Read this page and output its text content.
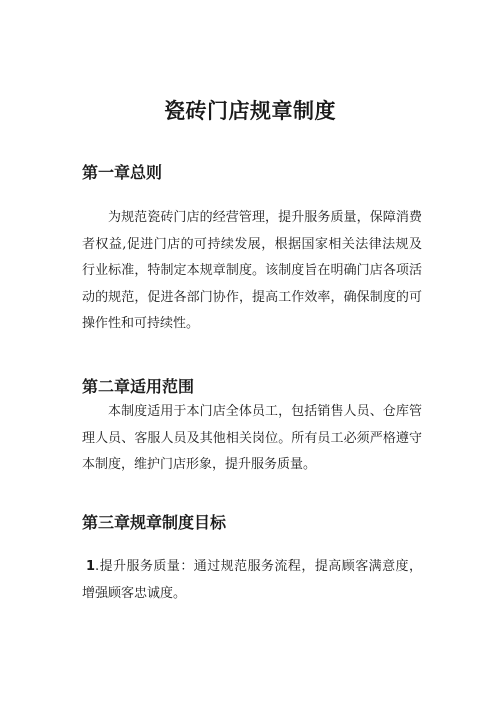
瓷砖门店规章制度
第一章总则

为规范瓷砖门店的经营管理，提升服务质量，保障消费者权益,促进门店的可持续发展，根据国家相关法律法规及行业标准，特制定本规章制度。该制度旨在明确门店各项活动的规范，促进各部门协作，提高工作效率，确保制度的可操作性和可持续性。

第二章适用范围

本制度适用于本门店全体员工，包括销售人员、仓库管理人员、客服人员及其他相关岗位。所有员工必须严格遵守本制度，维护门店形象，提升服务质量。

第三章规章制度目标

1.提升服务质量：通过规范服务流程，提高顾客满意度，增强顾客忠诚度。
